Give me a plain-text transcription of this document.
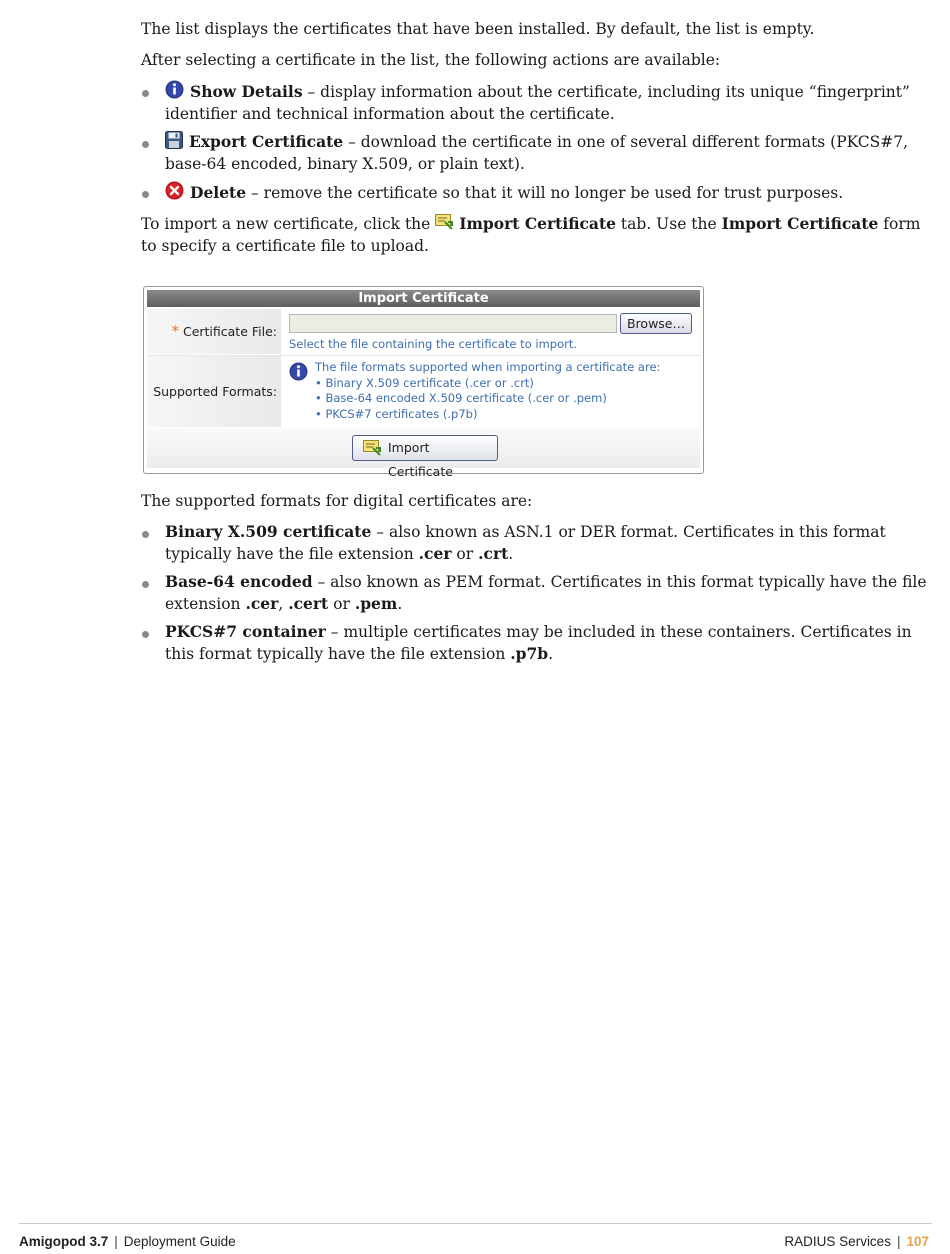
The list displays the certificates that have been installed. By default, the list is empty.

After selecting a certificate in the list, the following actions are available:

Show Details – display information about the certificate, including its unique “fingerprint” identifier and technical information about the certificate.
Export Certificate – download the certificate in one of several different formats (PKCS#7, base-64 encoded, binary X.509, or plain text).
Delete – remove the certificate so that it will no longer be used for trust purposes.

To import a new certificate, click the
Import Certificate tab. Use the Import Certificate form to specify a certificate file to upload.

Import Certificate
* Certificate File:
Browse…
Select the file containing the certificate to import.
Supported Formats:
The file formats supported when importing a certificate are:
• Binary X.509 certificate (.cer or .crt)
• Base-64 encoded X.509 certificate (.cer or .pem)
• PKCS#7 certificates (.p7b)
Import Certificate

The supported formats for digital certificates are:

Binary X.509 certificate – also known as ASN.1 or DER format. Certificates in this format typically have the file extension .cer or .crt.
Base-64 encoded – also known as PEM format. Certificates in this format typically have the file extension .cer, .cert or .pem.
PKCS#7 container – multiple certificates may be included in these containers. Certificates in this format typically have the file extension .p7b.
Amigopod 3.7 | Deployment Guide	RADIUS Services | 107
